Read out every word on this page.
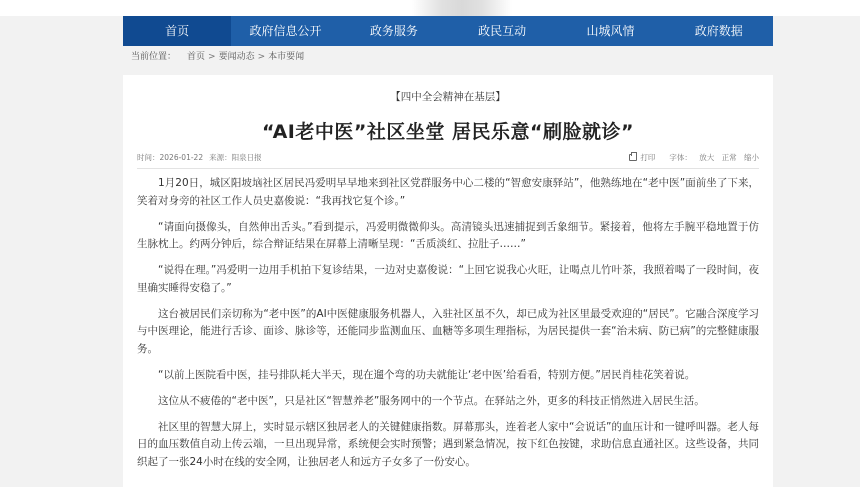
首页	政府信息公开	政务服务	政民互动	山城风情	政府数据
当前位置：	首页 > 要闻动态 > 本市要闻
【四中全会精神在基层】
“AI老中医”社区坐堂 居民乐意“刷脸就诊”
时间： 2026-01-22 来源： 阳泉日报	打印 字体： 放大 正常 缩小

1月20日，城区阳坡垴社区居民冯爱明早早地来到社区党群服务中心二楼的“智愈安康驿站”，他熟练地在“老中医”面前坐了下来，笑着对身旁的社区工作人员史嘉俊说：“我再找它复个诊。”

“请面向摄像头，自然伸出舌头。”看到提示，冯爱明微微仰头。高清镜头迅速捕捉到舌象细节。紧接着，他将左手腕平稳地置于仿生脉枕上。约两分钟后，综合辩证结果在屏幕上清晰呈现：“舌质淡红、拉肚子……”

“说得在理。”冯爱明一边用手机拍下复诊结果，一边对史嘉俊说：“上回它说我心火旺，让喝点儿竹叶茶，我照着喝了一段时间，夜里确实睡得安稳了。”

这台被居民们亲切称为“老中医”的AI中医健康服务机器人，入驻社区虽不久，却已成为社区里最受欢迎的“居民”。它融合深度学习与中医理论，能进行舌诊、面诊、脉诊等，还能同步监测血压、血糖等多项生理指标，为居民提供一套“治未病、防已病”的完整健康服务。

“以前上医院看中医，挂号排队耗大半天，现在遛个弯的功夫就能让‘老中医’给看看，特别方便。”居民肖桂花笑着说。

这位从不疲倦的“老中医”，只是社区“智慧养老”服务网中的一个节点。在驿站之外，更多的科技正悄然进入居民生活。

社区里的智慧大屏上，实时显示辖区独居老人的关键健康指数。屏幕那头，连着老人家中“会说话”的血压计和一键呼叫器。老人每日的血压数值自动上传云端，一旦出现异常，系统便会实时预警；遇到紧急情况，按下红色按键，求助信息直通社区。这些设备，共同织起了一张24小时在线的安全网，让独居老人和远方子女多了一份安心。
